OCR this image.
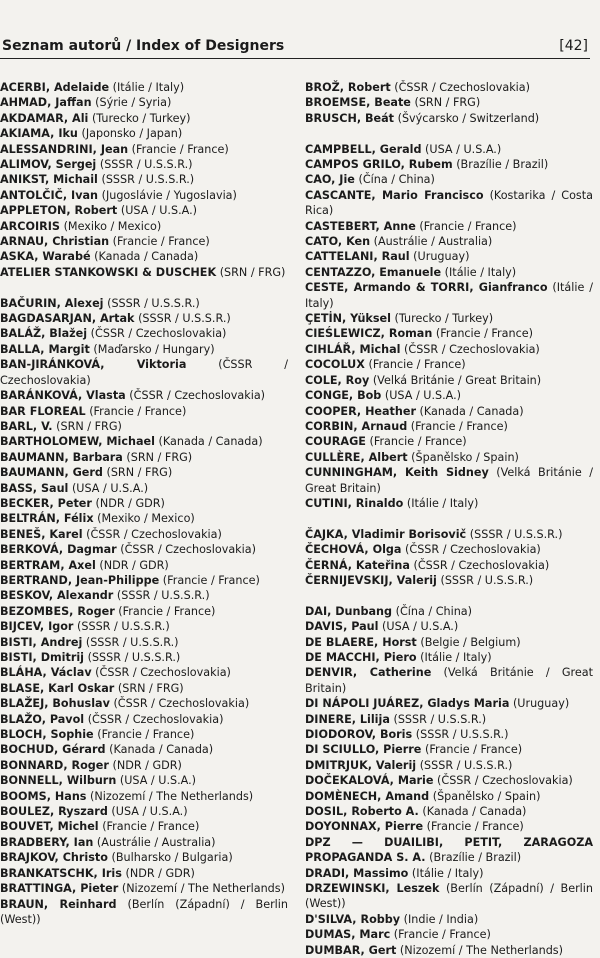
Seznam autorů / Index of Designers	[42]
ACERBI, Adelaide (Itálie / Italy)
AHMAD, Jaffan (Sýrie / Syria)
AKDAMAR, Ali (Turecko / Turkey)
AKIAMA, Iku (Japonsko / Japan)
ALESSANDRINI, Jean (Francie / France)
ALIMOV, Sergej (SSSR / U.S.S.R.)
ANIKST, Michail (SSSR / U.S.S.R.)
ANTOLČIČ, Ivan (Jugoslávie / Yugoslavia)
APPLETON, Robert (USA / U.S.A.)
ARCOIRIS (Mexiko / Mexico)
ARNAU, Christian (Francie / France)
ASKA, Warabé (Kanada / Canada)
ATELIER STANKOWSKI & DUSCHEK (SRN / FRG)
BAČURIN, Alexej (SSSR / U.S.S.R.)
BAGDASARJAN, Artak (SSSR / U.S.S.R.)
BALÁŽ, Blažej (ČSSR / Czechoslovakia)
BALLA, Margit (Maďarsko / Hungary)
BAN-JIRÁNKOVÁ,	Viktoria	(ČSSR / Czechoslovakia)
BARÁNKOVÁ, Vlasta (ČSSR / Czechoslovakia)
BAR FLOREAL (Francie / France)
BARL, V. (SRN / FRG)
BARTHOLOMEW, Michael (Kanada / Canada)
BAUMANN, Barbara (SRN / FRG)
BAUMANN, Gerd (SRN / FRG)
BASS, Saul (USA / U.S.A.)
BECKER, Peter (NDR / GDR)
BELTRÁN, Félix (Mexiko / Mexico)
BENEŠ, Karel (ČSSR / Czechoslovakia)
BERKOVÁ, Dagmar (ČSSR / Czechoslovakia)
BERTRAM, Axel (NDR / GDR)
BERTRAND, Jean-Philippe (Francie / France)
BESKOV, Alexandr (SSSR / U.S.S.R.)
BEZOMBES, Roger (Francie / France)
BIJCEV, Igor (SSSR / U.S.S.R.)
BISTI, Andrej (SSSR / U.S.S.R.)
BISTI, Dmitrij (SSSR / U.S.S.R.)
BLÁHA, Václav (ČSSR / Czechoslovakia)
BLASE, Karl Oskar (SRN / FRG)
BLAŽEJ, Bohuslav (ČSSR / Czechoslovakia)
BLAŽO, Pavol (ČSSR / Czechoslovakia)
BLOCH, Sophie (Francie / France)
BOCHUD, Gérard (Kanada / Canada)
BONNARD, Roger (NDR / GDR)
BONNELL, Wilburn (USA / U.S.A.)
BOOMS, Hans (Nizozemí / The Netherlands)
BOULEZ, Ryszard (USA / U.S.A.)
BOUVET, Michel (Francie / France)
BRADBERY, Ian (Austrálie / Australia)
BRAJKOV, Christo (Bulharsko / Bulgaria)
BRANKATSCHK, Iris (NDR / GDR)
BRATTINGA, Pieter (Nizozemí / The Netherlands)
BRAUN, Reinhard (Berlín (Západní) / Berlin (West))
BROŽ, Robert (ČSSR / Czechoslovakia)
BROEMSE, Beate (SRN / FRG)
BRUSCH, Beát (Švýcarsko / Switzerland)
CAMPBELL, Gerald (USA / U.S.A.)
CAMPOS GRILO, Rubem (Brazílie / Brazil)
CAO, Jie (Čína / China)
CASCANTE, Mario Francisco (Kostarika / Costa Rica)
CASTEBERT, Anne (Francie / France)
CATO, Ken (Austrálie / Australia)
CATTELANI, Raul (Uruguay)
CENTAZZO, Emanuele (Itálie / Italy)
CESTE, Armando & TORRI, Gianfranco (Itálie / Italy)
ÇETİN, Yüksel (Turecko / Turkey)
CIEŚLEWICZ, Roman (Francie / France)
CIHLÁŘ, Michal (ČSSR / Czechoslovakia)
COCOLUX (Francie / France)
COLE, Roy (Velká Británie / Great Britain)
CONGE, Bob (USA / U.S.A.)
COOPER, Heather (Kanada / Canada)
CORBIN, Arnaud (Francie / France)
COURAGE (Francie / France)
CULLÈRE, Albert (Španělsko / Spain)
CUNNINGHAM, Keith Sidney (Velká Británie / Great Britain)
CUTINI, Rinaldo (Itálie / Italy)
ČAJKA, Vladimir Borisovič (SSSR / U.S.S.R.)
ČECHOVÁ, Olga (ČSSR / Czechoslovakia)
ČERNÁ, Kateřina (ČSSR / Czechoslovakia)
ČERNIJEVSKIJ, Valerij (SSSR / U.S.S.R.)
DAI, Dunbang (Čína / China)
DAVIS, Paul (USA / U.S.A.)
DE BLAERE, Horst (Belgie / Belgium)
DE MACCHI, Piero (Itálie / Italy)
DENVIR, Catherine (Velká Británie / Great Britain)
DI NÁPOLI JUÁREZ, Gladys Maria (Uruguay)
DINERE, Lilija (SSSR / U.S.S.R.)
DIODOROV, Boris (SSSR / U.S.S.R.)
DI SCIULLO, Pierre (Francie / France)
DMITRJUK, Valerij (SSSR / U.S.S.R.)
DOČEKALOVÁ, Marie (ČSSR / Czechoslovakia)
DOMÈNECH, Amand (Španělsko / Spain)
DOSIL, Roberto A. (Kanada / Canada)
DOYONNAX, Pierre (Francie / France)
DPZ — DUAILIBI, PETIT, ZARAGOZA PROPAGANDA S. A. (Brazílie / Brazil)
DRADI, Massimo (Itálie / Italy)
DRZEWINSKI, Leszek (Berlín (Západní) / Berlin (West))
D'SILVA, Robby (Indie / India)
DUMAS, Marc (Francie / France)
DUMBAR, Gert (Nizozemí / The Netherlands)
